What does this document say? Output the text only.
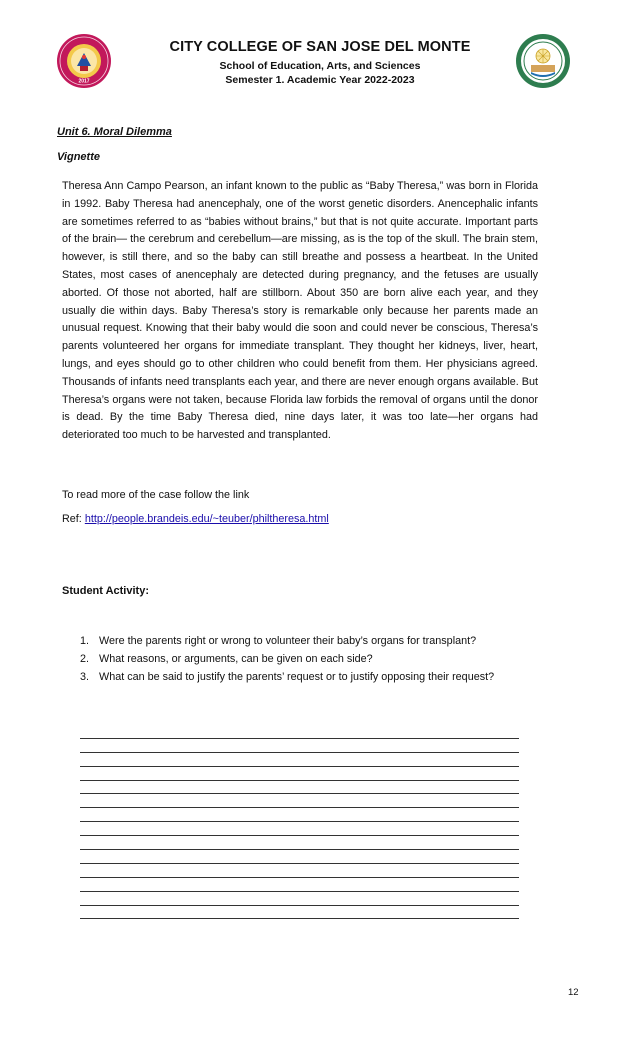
2017
CITY COLLEGE OF SAN JOSE DEL MONTE
School of Education, Arts, and Sciences
Semester 1. Academic Year 2022-2023
Unit 6. Moral Dilemma
Vignette

Theresa Ann Campo Pearson, an infant known to the public as “Baby Theresa,” was born in Florida in 1992. Baby Theresa had anencephaly, one of the worst genetic disorders. Anencephalic infants are sometimes referred to as “babies without brains,” but that is not quite accurate. Important parts of the brain— the cerebrum and cerebellum—are missing, as is the top of the skull. The brain stem, however, is still there, and so the baby can still breathe and possess a heartbeat. In the United States, most cases of anencephaly are detected during pregnancy, and the fetuses are usually aborted. Of those not aborted, half are stillborn. About 350 are born alive each year, and they usually die within days. Baby Theresa’s story is remarkable only because her parents made an unusual request. Knowing that their baby would die soon and could never be conscious, Theresa’s parents volunteered her organs for immediate transplant. They thought her kidneys, liver, heart, lungs, and eyes should go to other children who could benefit from them. Her physicians agreed. Thousands of infants need transplants each year, and there are never enough organs available. But Theresa’s organs were not taken, because Florida law forbids the removal of organs until the donor is dead. By the time Baby Theresa died, nine days later, it was too late—her organs had deteriorated too much to be harvested and transplanted.

To read more of the case follow the link
Ref: http://people.brandeis.edu/~teuber/philtheresa.html
Student Activity:
1. Were the parents right or wrong to volunteer their baby’s organs for transplant?
2. What reasons, or arguments, can be given on each side?
3. What can be said to justify the parents’ request or to justify opposing their request?
12
